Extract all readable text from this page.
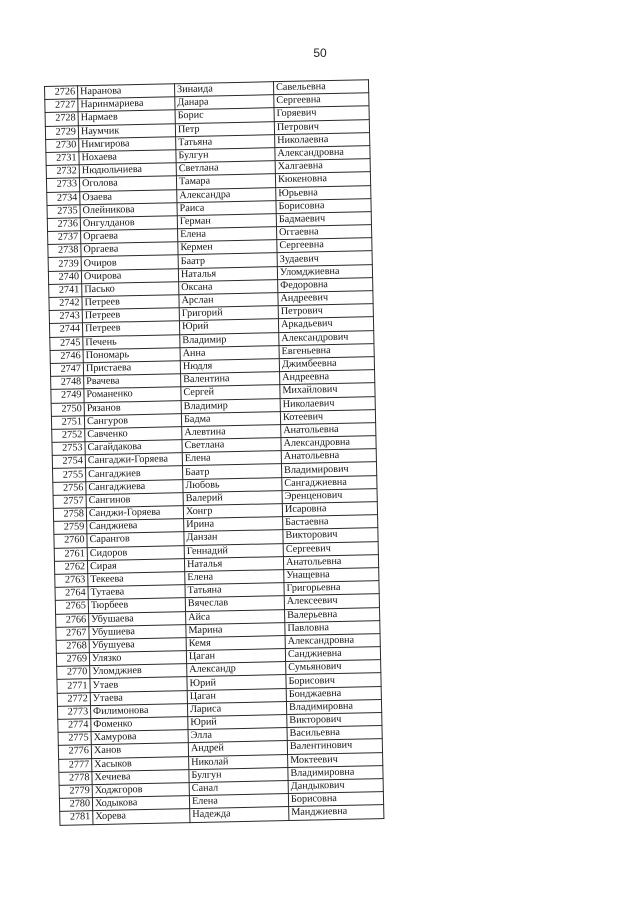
50
2726	Наранова	Зинаида	Савельевна
2727	Наринмариева	Данара	Сергеевна
2728	Нармаев	Борис	Горяевич
2729	Наумчик	Петр	Петрович
2730	Нимгирова	Татьяна	Николаевна
2731	Нохаева	Булгун	Александровна
2732	Нюдюльчиева	Светлана	Халгаевна
2733	Оголова	Тамара	Кюкеновна
2734	Озаева	Александра	Юрьевна
2735	Олейникова	Раиса	Борисовна
2736	Онгулданов	Герман	Бадмаевич
2737	Оргаева	Елена	Оггаевна
2738	Оргаева	Кермен	Сергеевна
2739	Очиров	Баатр	Зудаевич
2740	Очирова	Наталья	Уломджиевна
2741	Пасько	Оксана	Федоровна
2742	Петреев	Арслан	Андреевич
2743	Петреев	Григорий	Петрович
2744	Петреев	Юрий	Аркадьевич
2745	Печень	Владимир	Александрович
2746	Пономарь	Анна	Евгеньевна
2747	Пристаева	Нюдля	Джимбеевна
2748	Рвачева	Валентина	Андреевна
2749	Романенко	Сергей	Михайлович
2750	Рязанов	Владимир	Николаевич
2751	Сангуров	Бадма	Котеевич
2752	Савченко	Алевтина	Анатольевна
2753	Сагайдакова	Светлана	Александровна
2754	Сангаджи-Горяева	Елена	Анатольевна
2755	Сангаджиев	Баатр	Владимирович
2756	Сангаджиева	Любовь	Сангаджиевна
2757	Сангинов	Валерий	Эренценович
2758	Санджи-Горяева	Хонгр	Исаровна
2759	Санджиева	Ирина	Бастаевна
2760	Сарангов	Данзан	Викторович
2761	Сидоров	Геннадий	Сергеевич
2762	Сирая	Наталья	Анатольевна
2763	Текеева	Елена	Унащевна
2764	Тутаева	Татьяна	Григорьевна
2765	Тюрбеев	Вячеслав	Алексеевич
2766	Убушаева	Айса	Валерьевна
2767	Убушиева	Марина	Павловна
2768	Убушуева	Кемя	Александровна
2769	Улязко	Цаган	Санджиевна
2770	Уломджиев	Александр	Сумьянович
2771	Утаев	Юрий	Борисович
2772	Утаева	Цаган	Бонджаевна
2773	Филимонова	Лариса	Владимировна
2774	Фоменко	Юрий	Викторович
2775	Хамурова	Элла	Васильевна
2776	Ханов	Андрей	Валентинович
2777	Хасыков	Николай	Моктеевич
2778	Хечиева	Булгун	Владимировна
2779	Ходжгоров	Санал	Дандыкович
2780	Ходыкова	Елена	Борисовна
2781	Хорева	Надежда	Манджиевна
